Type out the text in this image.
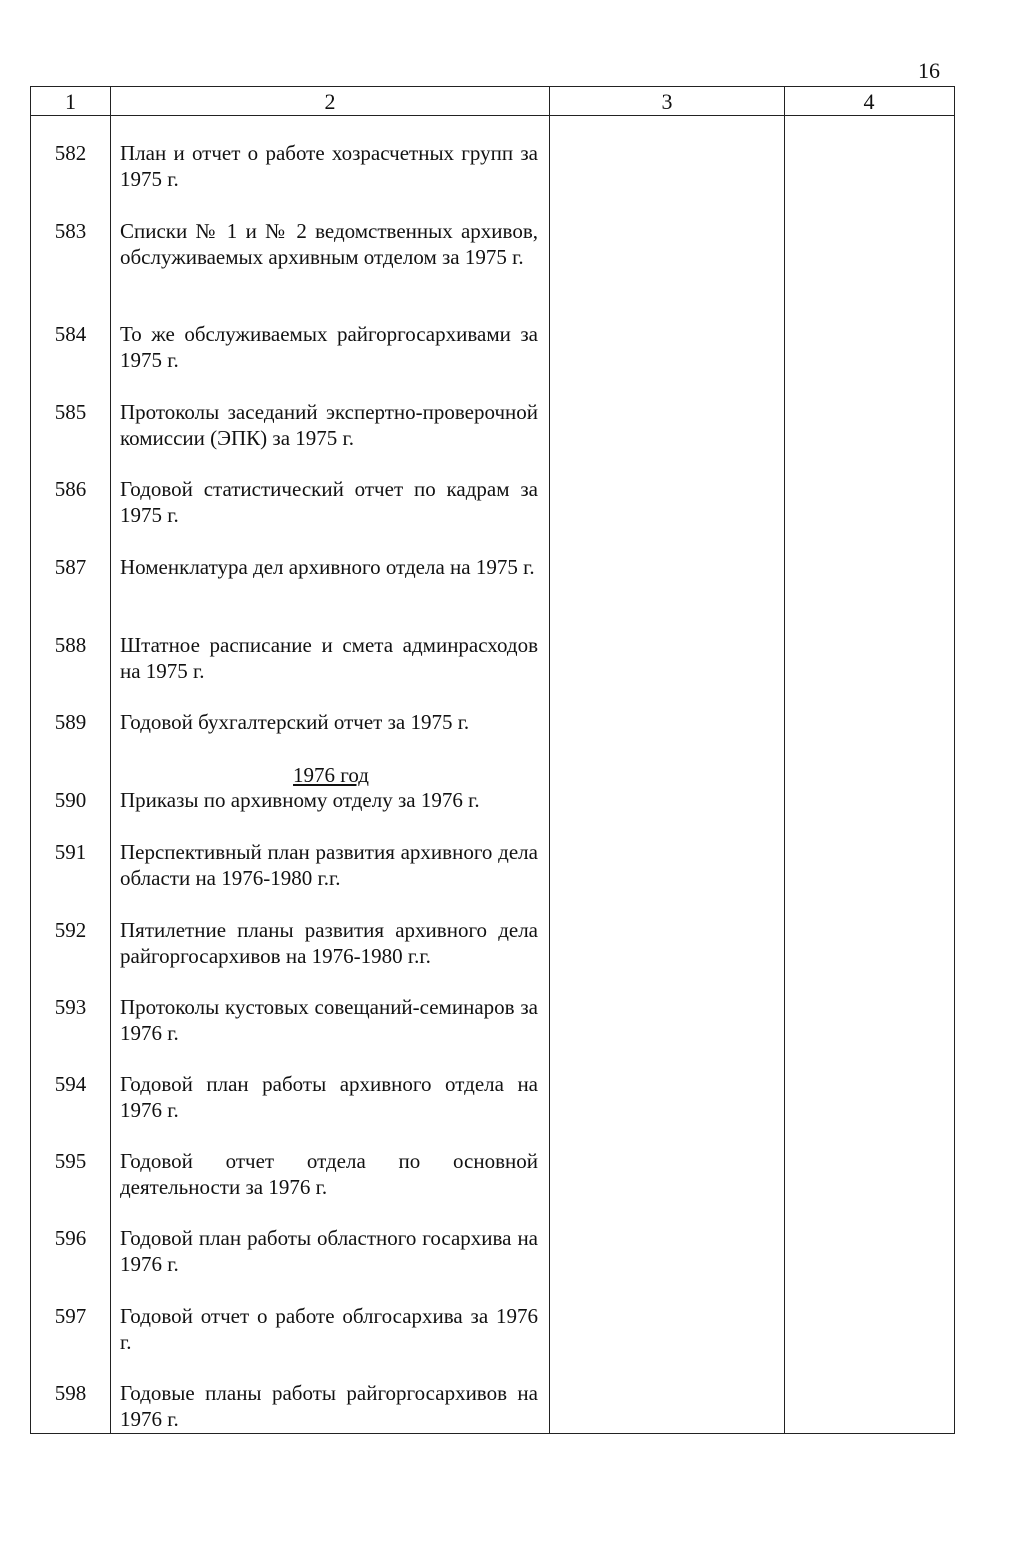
16
1	2	3	4
582	План и отчет о работе хозрасчетных групп за 1975 г.
583	Списки № 1 и № 2 ведомственных архивов, обслуживаемых архивным отделом за 1975 г.
584	То же обслуживаемых райгоргосархивами за 1975 г.
585	Протоколы заседаний экспертно-проверочной комиссии (ЭПК) за 1975 г.
586	Годовой статистический отчет по кадрам за 1975 г.
587	Номенклатура дел архивного отдела на 1975 г.
588	Штатное расписание и смета админрасходов на 1975 г.
589	Годовой бухгалтерский отчет за 1975 г.
1976 год
590	Приказы по архивному отделу за 1976 г.
591	Перспективный план развития архивного дела области на 1976-1980 г.г.
592	Пятилетние планы развития архивного дела райгоргосархивов на 1976-1980 г.г.
593	Протоколы кустовых совещаний-семинаров за 1976 г.
594	Годовой план работы архивного отдела на 1976 г.
595	Годовой отчет отдела по основной деятельности за 1976 г.
596	Годовой план работы областного госархива на 1976 г.
597	Годовой отчет о работе облгосархива за 1976 г.
598	Годовые планы работы райгоргосархивов на 1976 г.
